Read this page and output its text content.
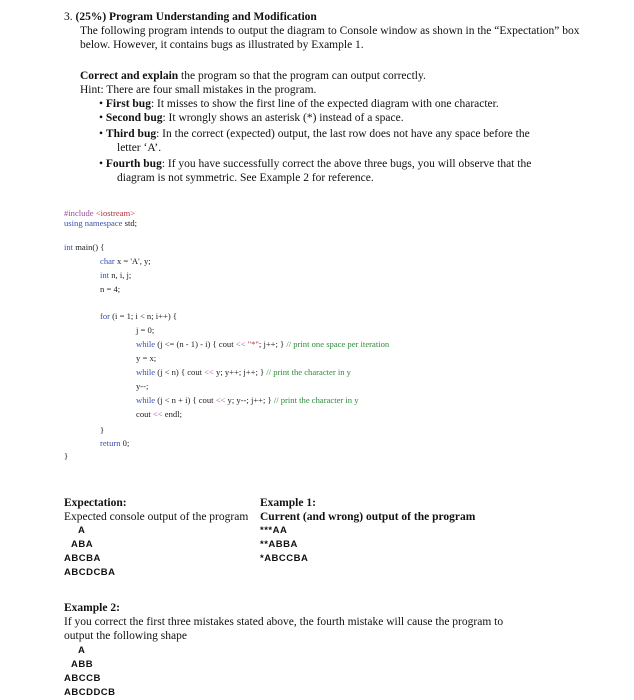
3. (25%) Program Understanding and Modification
The following program intends to output the diagram to Console window as shown in the “Expectation” box
below. However, it contains bugs as illustrated by Example 1.
Correct and explain the program so that the program can output correctly.
Hint: There are four small mistakes in the program.
• First bug: It misses to show the first line of the expected diagram with one character.
• Second bug: It wrongly shows an asterisk (*) instead of a space.
• Third bug: In the correct (expected) output, the last row does not have any space before the
letter ‘A’.
• Fourth bug: If you have successfully correct the above three bugs, you will observe that the
diagram is not symmetric. See Example 2 for reference.
#include <iostream>
using namespace std;
int main() {
char x = 'A', y;
int n, i, j;
n = 4;
for (i = 1; i < n; i++) {
j = 0;
while (j <= (n - 1) - i) { cout << "*"; j++; } // print one space per iteration
y = x;
while (j < n) { cout << y; y++; j++; } // print the character in y
y--;
while (j < n + i) { cout << y; y--; j++; } // print the character in y
cout << endl;
}
return 0;
}
Expectation:
Expected console output of the program
A
ABA
ABCBA
ABCDCBA
Example 1:
Current (and wrong) output of the program
***AA
**ABBA
*ABCCBA
Example 2:
If you correct the first three mistakes stated above, the fourth mistake will cause the program to
output the following shape
A
ABB
ABCCB
ABCDDCB
